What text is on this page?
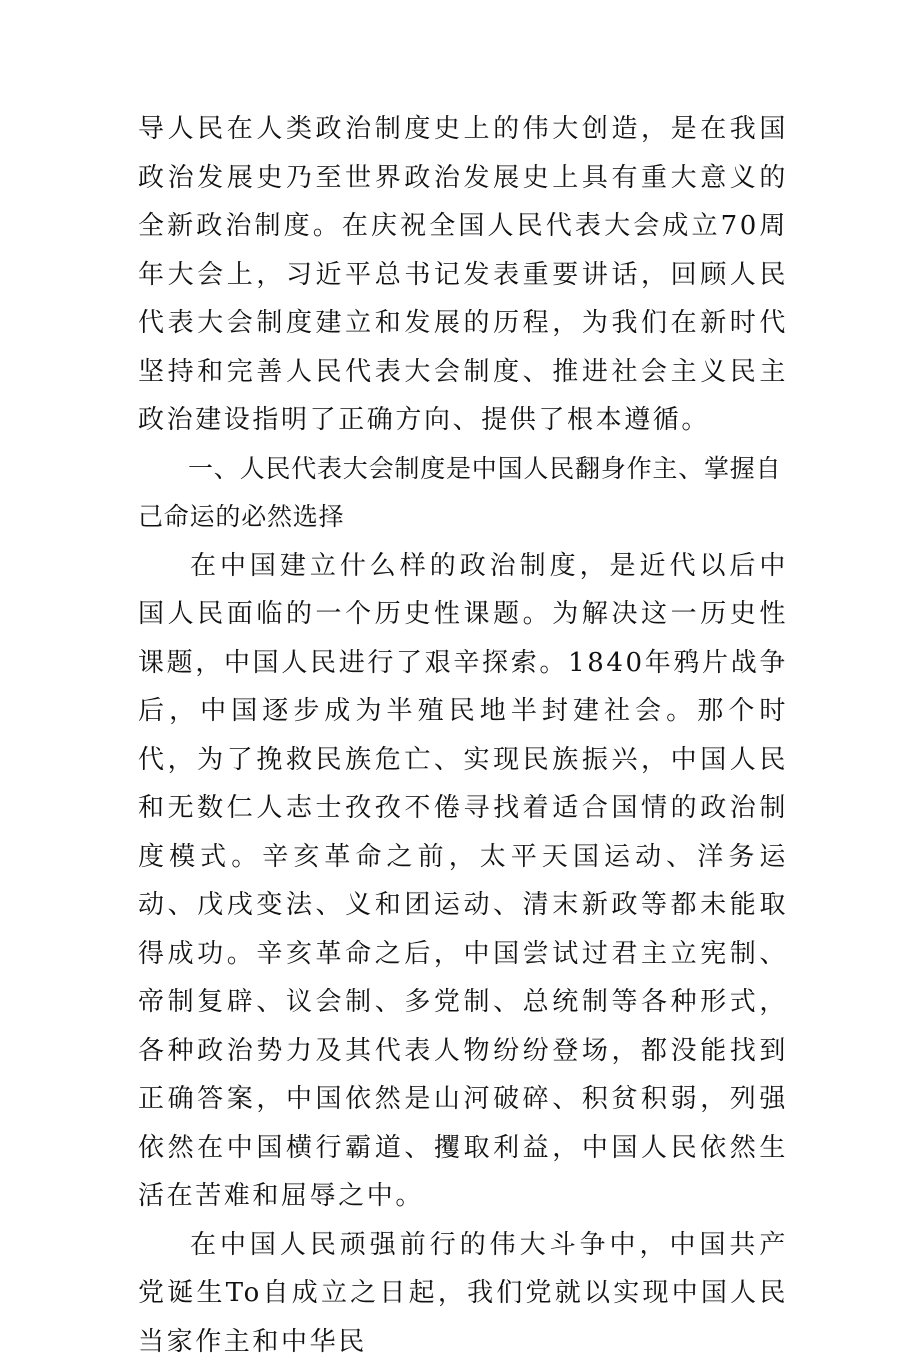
导人民在人类政治制度史上的伟大创造，是在我国政治发展史乃至世界政治发展史上具有重大意义的全新政治制度。在庆祝全国人民代表大会成立70周年大会上，习近平总书记发表重要讲话，回顾人民代表大会制度建立和发展的历程，为我们在新时代坚持和完善人民代表大会制度、推进社会主义民主政治建设指明了正确方向、提供了根本遵循。

一、人民代表大会制度是中国人民翻身作主、掌握自己命运的必然选择

在中国建立什么样的政治制度，是近代以后中国人民面临的一个历史性课题。为解决这一历史性课题，中国人民进行了艰辛探索。1840年鸦片战争后，中国逐步成为半殖民地半封建社会。那个时代，为了挽救民族危亡、实现民族振兴，中国人民和无数仁人志士孜孜不倦寻找着适合国情的政治制度模式。辛亥革命之前，太平天国运动、洋务运动、戊戌变法、义和团运动、清末新政等都未能取得成功。辛亥革命之后，中国尝试过君主立宪制、帝制复辟、议会制、多党制、总统制等各种形式，各种政治势力及其代表人物纷纷登场，都没能找到正确答案，中国依然是山河破碎、积贫积弱，列强依然在中国横行霸道、攫取利益，中国人民依然生活在苦难和屈辱之中。

在中国人民顽强前行的伟大斗争中，中国共产党诞生To自成立之日起，我们党就以实现中国人民当家作主和中华民
